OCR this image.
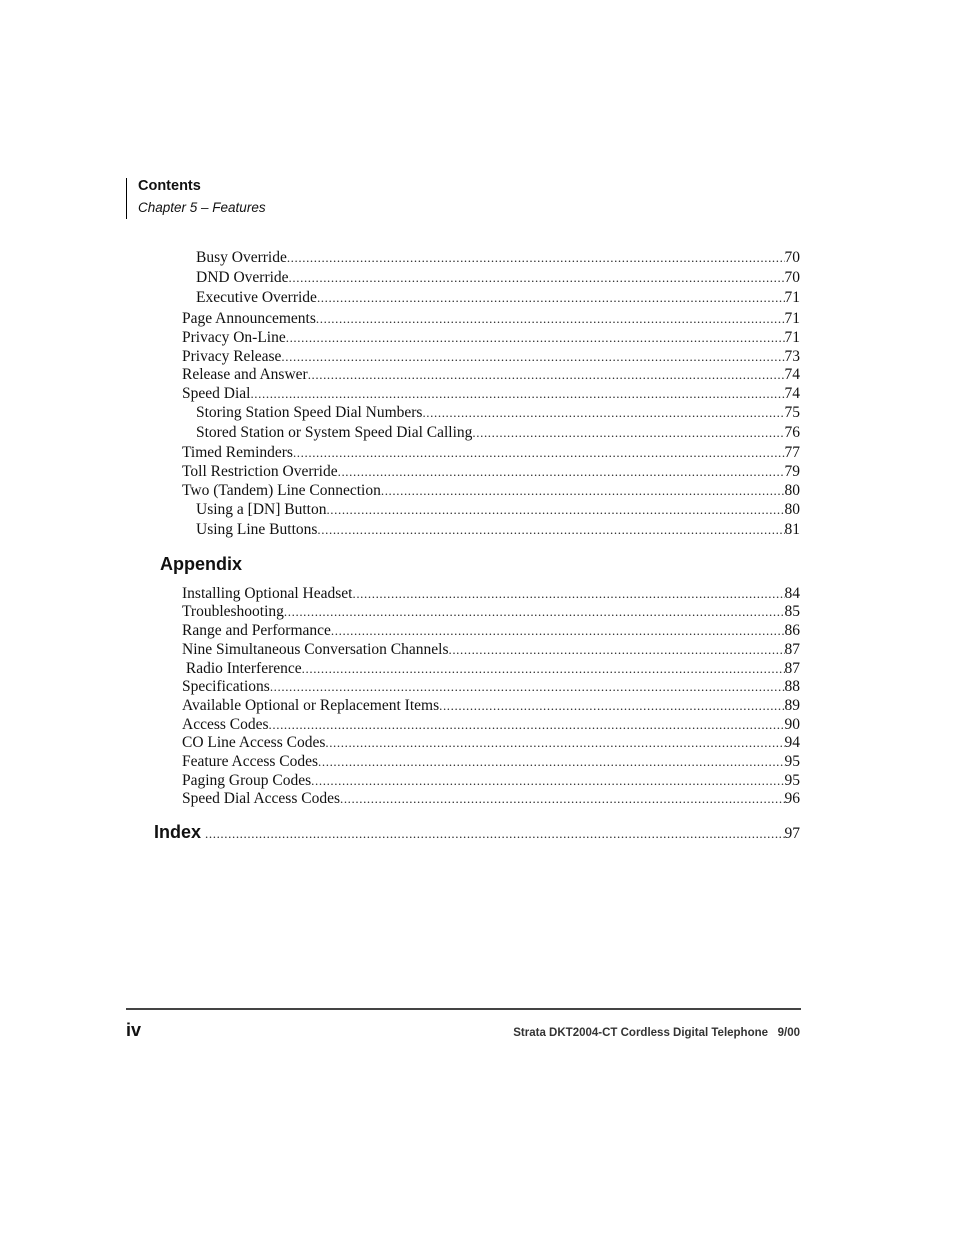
Contents
Chapter 5 – Features
Busy Override .....	70
DND Override .....	70
Executive Override .....	71
Page Announcements .....	71
Privacy On-Line .....	71
Privacy Release .....	73
Release and Answer .....	74
Speed Dial .....	74
Storing Station Speed Dial Numbers .....	75
Stored Station or System Speed Dial Calling .....	76
Timed Reminders .....	77
Toll Restriction Override .....	79
Two (Tandem) Line Connection .....	80
Using a [DN] Button .....	80
Using Line Buttons .....	81
Appendix
Installing Optional Headset .....	84
Troubleshooting .....	85
Range and Performance .....	86
Nine Simultaneous Conversation Channels .....	87
Radio Interference .....	87
Specifications .....	88
Available Optional or Replacement Items .....	89
Access Codes .....	90
CO Line Access Codes .....	94
Feature Access Codes .....	95
Paging Group Codes .....	95
Speed Dial Access Codes .....	96
Index .....	97
iv	Strata DKT2004-CT Cordless Digital Telephone   9/00
